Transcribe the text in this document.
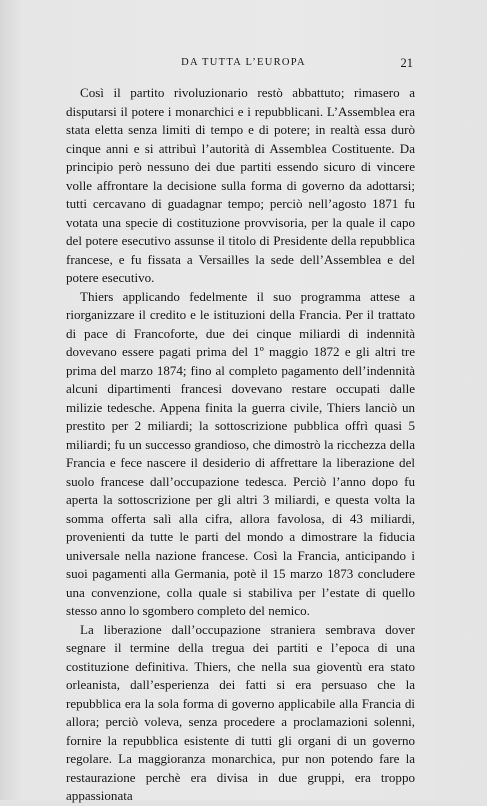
DA TUTTA L’EUROPA	21

Così il partito rivoluzionario restò abbattuto; rimasero a disputarsi il potere i monarchici e i repubblicani. L’Assemblea era stata eletta senza limiti di tempo e di potere; in realtà essa durò cinque anni e si attribuì l’autorità di Assemblea Costituente. Da principio però nessuno dei due partiti essendo sicuro di vincere volle affrontare la decisione sulla forma di governo da adottarsi; tutti cercavano di guadagnar tempo; perciò nell’agosto 1871 fu votata una specie di costituzione provvisoria, per la quale il capo del potere esecutivo assunse il titolo di Presidente della repubblica francese, e fu fissata a Versailles la sede dell’Assemblea e del potere esecutivo.

Thiers applicando fedelmente il suo programma attese a riorganizzare il credito e le istituzioni della Francia. Per il trattato di pace di Francoforte, due dei cinque miliardi di indennità dovevano essere pagati prima del 1º maggio 1872 e gli altri tre prima del marzo 1874; fino al completo pagamento dell’indennità alcuni dipartimenti francesi dovevano restare occupati dalle milizie tedesche. Appena finita la guerra civile, Thiers lanciò un prestito per 2 miliardi; la sottoscrizione pubblica offrì quasi 5 miliardi; fu un successo grandioso, che dimostrò la ricchezza della Francia e fece nascere il desiderio di affrettare la liberazione del suolo francese dall’occupazione tedesca. Perciò l’anno dopo fu aperta la sottoscrizione per gli altri 3 miliardi, e questa volta la somma offerta salì alla cifra, allora favolosa, di 43 miliardi, provenienti da tutte le parti del mondo a dimostrare la fiducia universale nella nazione francese. Così la Francia, anticipando i suoi pagamenti alla Germania, potè il 15 marzo 1873 concludere una convenzione, colla quale si stabiliva per l’estate di quello stesso anno lo sgombero completo del nemico.

La liberazione dall’occupazione straniera sembrava dover segnare il termine della tregua dei partiti e l’epoca di una costituzione definitiva. Thiers, che nella sua gioventù era stato orleanista, dall’esperienza dei fatti si era persuaso che la repubblica era la sola forma di governo applicabile alla Francia di allora; perciò voleva, senza procedere a proclamazioni solenni, fornire la repubblica esistente di tutti gli organi di un governo regolare. La maggioranza monarchica, pur non potendo fare la restaurazione perchè era divisa in due gruppi, era troppo appassionata
